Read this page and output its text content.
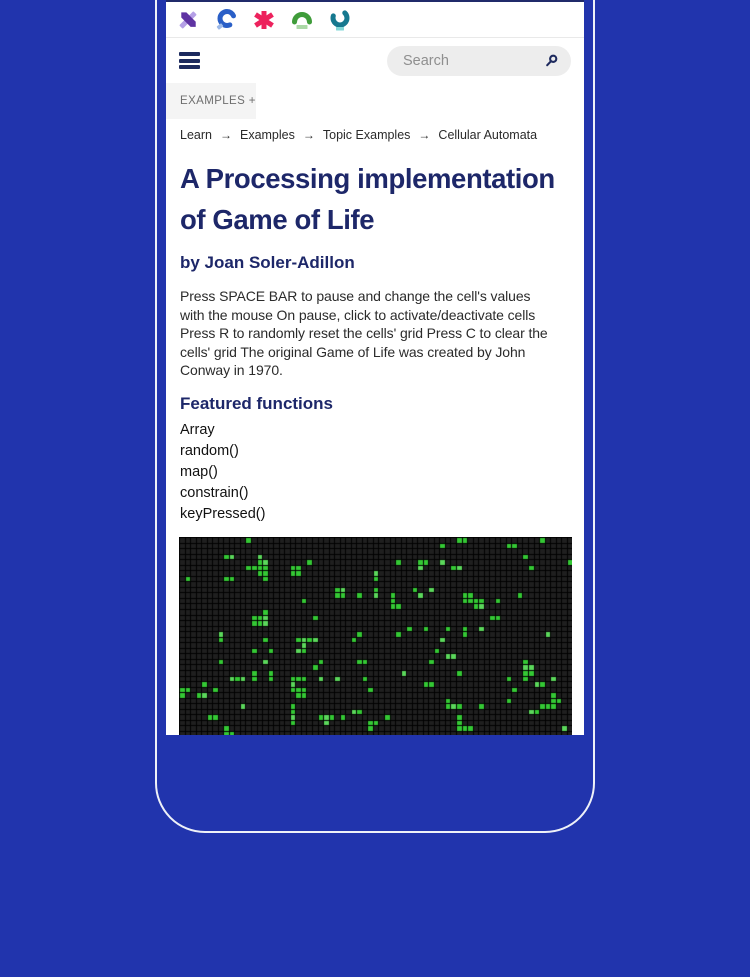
Search
EXAMPLES +
Learn → Examples → Topic Examples → Cellular Automata
A Processing implementation
of Game of Life
by Joan Soler-Adillon

Press SPACE BAR to pause and change the cell's values with the mouse On pause, click to activate/deactivate cells Press R to randomly reset the cells' grid Press C to clear the cells' grid The original Game of Life was created by John Conway in 1970.

Featured functions
Array
random()
map()
constrain()
keyPressed()
